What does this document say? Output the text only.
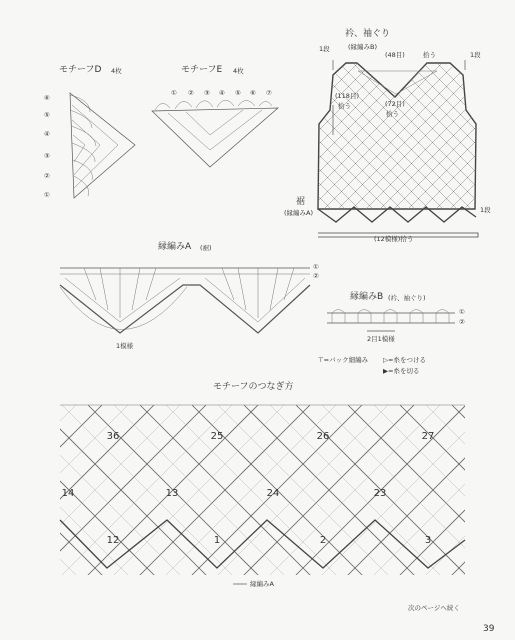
モチーフD 4枚
⑥
⑤
④
③
②
①
モチーフE 4枚
① ② ③ ④ ⑤ ⑥ ⑦
衿、袖ぐり
(縁編みB)
1段
1段
(48目)	拾う
(72目)
拾う
(118目)
拾う
裾
(縁編みA)	1段
(12模様)拾う
縁編みA (裾)
①
②
1模様
縁編みB (衿、袖ぐり)
①
②
2目1模様
⊤=バック細編み ▷=糸をつける
▶=糸を切る
モチーフのつなぎ方
36	25	26	27
14	13	24	23
12	1	2	3
縁編みA
次のページへ続く
39
